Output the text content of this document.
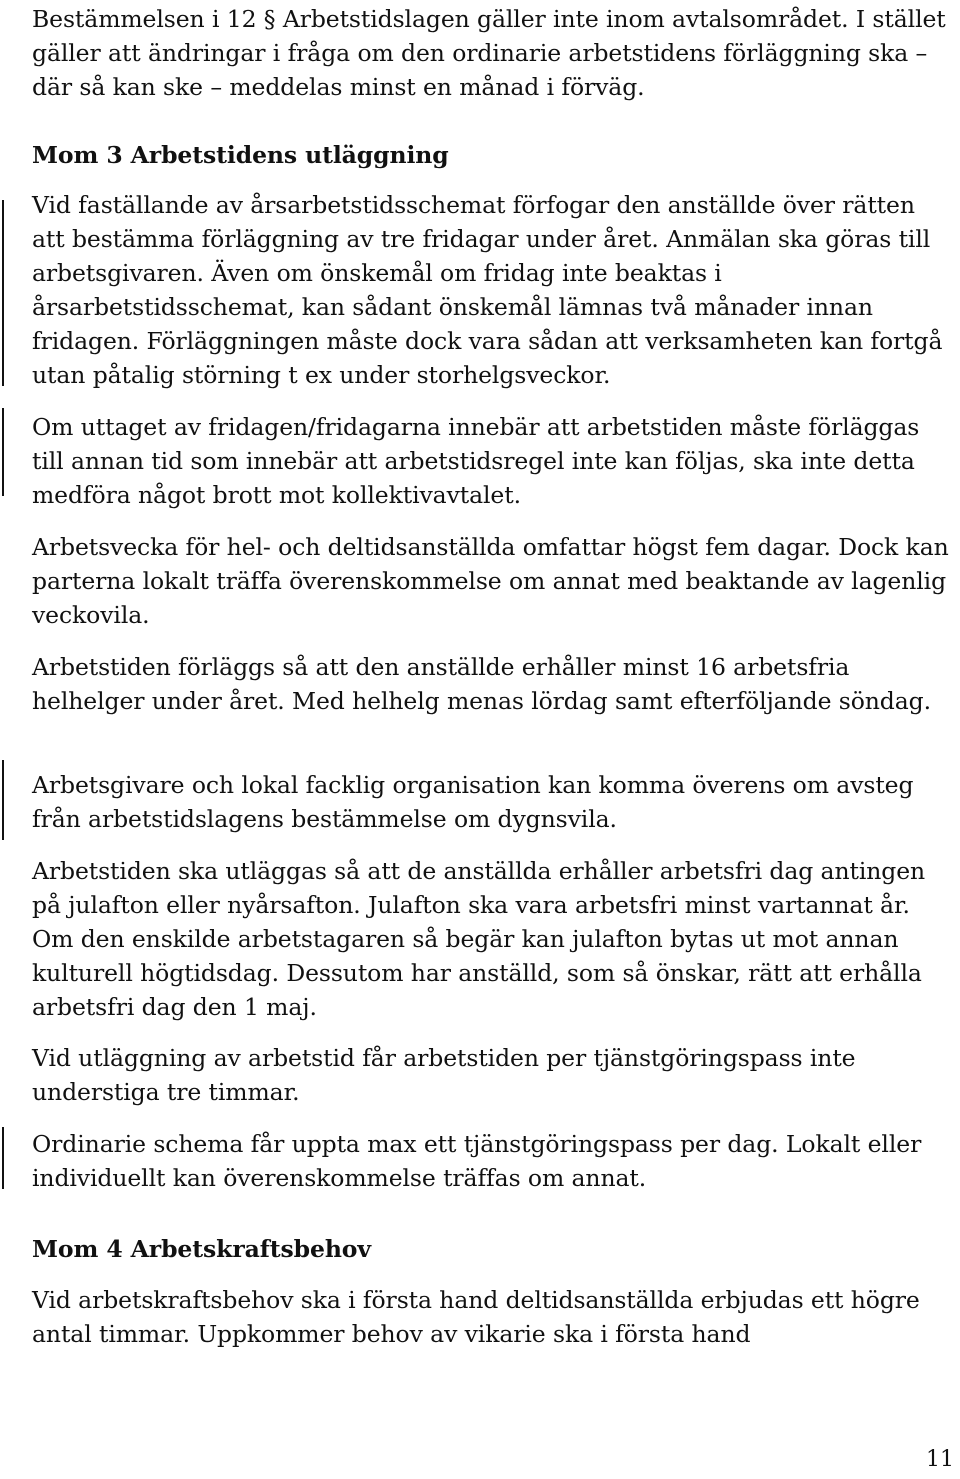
Bestämmelsen i 12 § Arbetstidslagen gäller inte inom avtalsområdet. I stället gäller att ändringar i fråga om den ordinarie arbetstidens förläggning ska – där så kan ske – meddelas minst en månad i förväg.

Mom 3 Arbetstidens utläggning

Vid faställande av årsarbetstidsschemat förfogar den anställde över rätten att bestämma förläggning av tre fridagar under året. Anmälan ska göras till arbetsgivaren. Även om önskemål om fridag inte beaktas i årsarbetstidsschemat, kan sådant önskemål lämnas två månader innan fridagen. Förläggningen måste dock vara sådan att verksamheten kan fortgå utan påtalig störning t ex under storhelgsveckor.

Om uttaget av fridagen/fridagarna innebär att arbetstiden måste förläggas till annan tid som innebär att arbetstidsregel inte kan följas, ska inte detta medföra något brott mot kollektivavtalet.

Arbetsvecka för hel- och deltidsanställda omfattar högst fem dagar. Dock kan parterna lokalt träffa överenskommelse om annat med beaktande av lagenlig veckovila.

Arbetstiden förläggs så att den anställde erhåller minst 16 arbetsfria helhelger under året. Med helhelg menas lördag samt efterföljande söndag.

Arbetsgivare och lokal facklig organisation kan komma överens om avsteg från arbetstidslagens bestämmelse om dygnsvila.

Arbetstiden ska utläggas så att de anställda erhåller arbetsfri dag antingen på julafton eller nyårsafton. Julafton ska vara arbetsfri minst vartannat år. Om den enskilde arbetstagaren så begär kan julafton bytas ut mot annan kulturell högtidsdag. Dessutom har anställd, som så önskar, rätt att erhålla arbetsfri dag den 1 maj.

Vid utläggning av arbetstid får arbetstiden per tjänstgöringspass inte understiga tre timmar.

Ordinarie schema får uppta max ett tjänstgöringspass per dag. Lokalt eller individuellt kan överenskommelse träffas om annat.

Mom 4 Arbetskraftsbehov

Vid arbetskraftsbehov ska i första hand deltidsanställda erbjudas ett högre antal timmar. Uppkommer behov av vikarie ska i första hand

11
